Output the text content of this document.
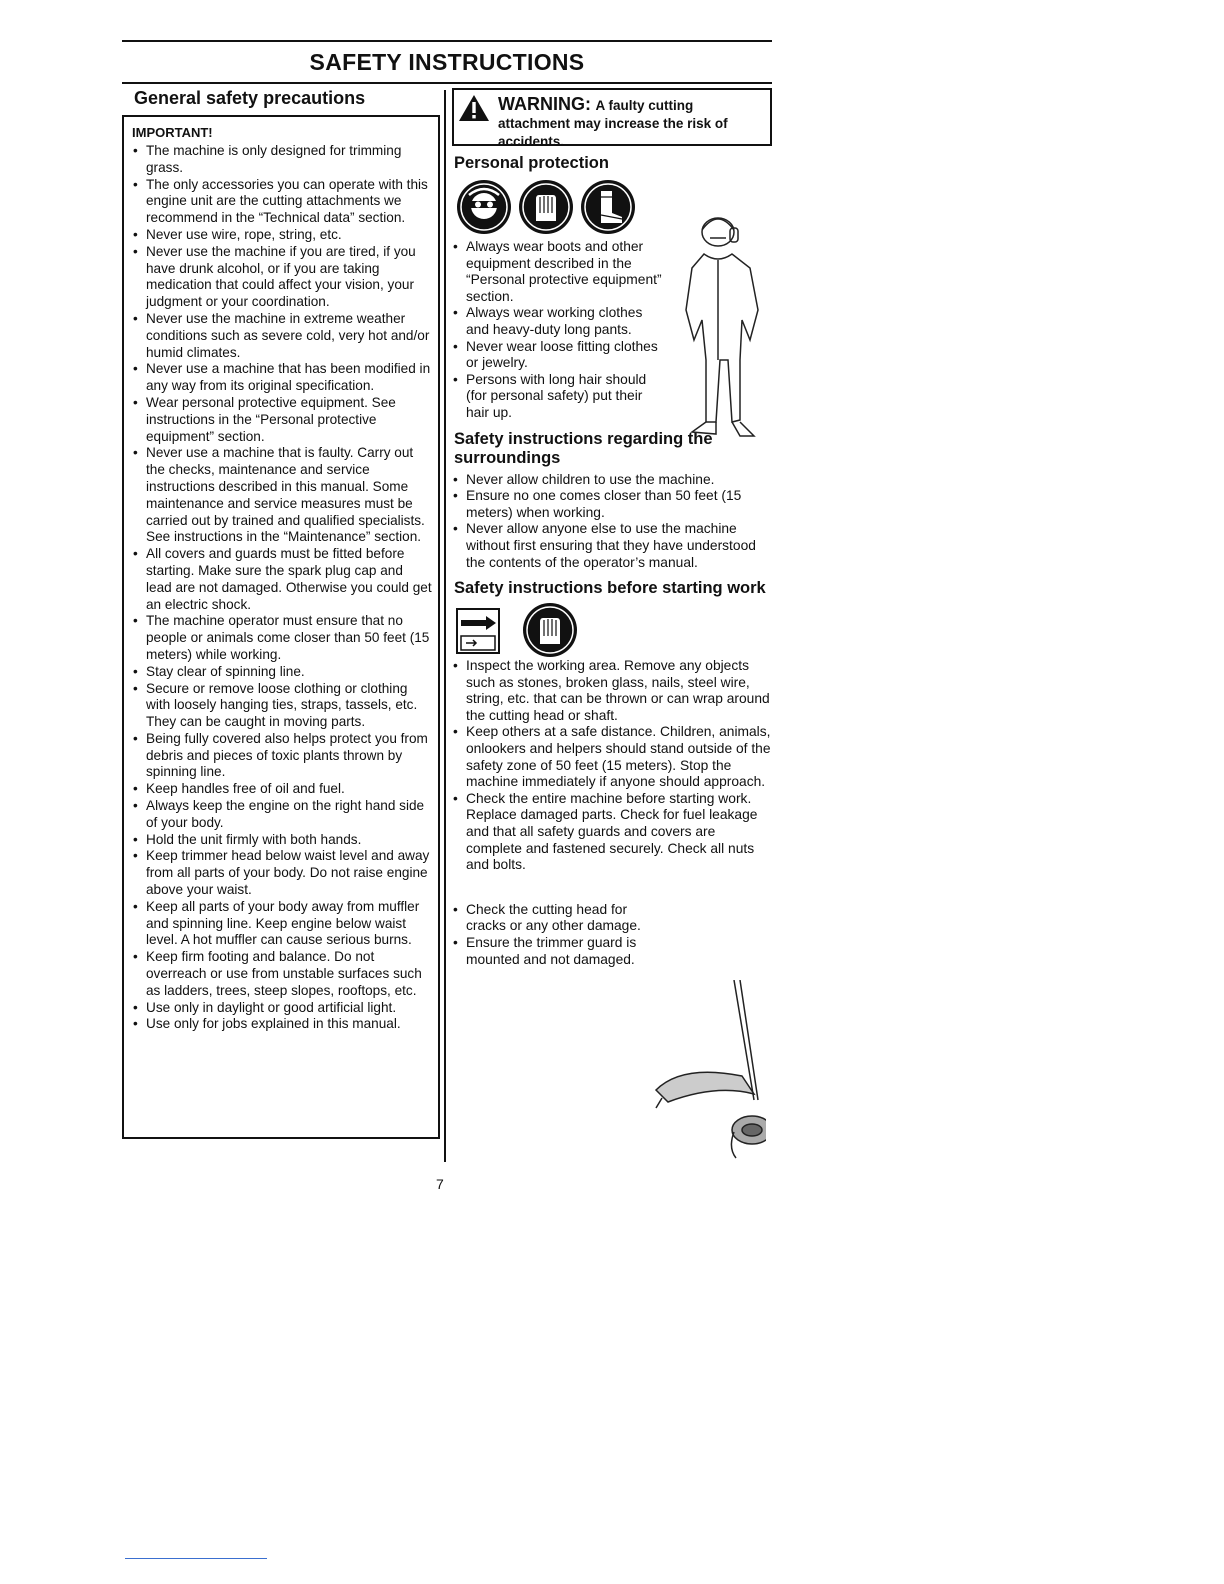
SAFETY INSTRUCTIONS
General safety precautions
IMPORTANT!
• The machine is only designed for trimming grass.
• The only accessories you can operate with this engine unit are the cutting attachments we recommend in the “Technical data” section.
• Never use wire, rope, string, etc.
• Never use the machine if you are tired, if you have drunk alcohol, or if you are taking medication that could affect your vision, your judgment or your coordination.
• Never use the machine in extreme weather conditions such as severe cold, very hot and/or humid climates.
• Never use a machine that has been modified in any way from its original specification.
• Wear personal protective equipment. See instructions in the “Personal protective equipment” section.
• Never use a machine that is faulty. Carry out the checks, maintenance and service instructions described in this manual. Some maintenance and service measures must be carried out by trained and qualified specialists. See instructions in the “Maintenance” section.
• All covers and guards must be fitted before starting. Make sure the spark plug cap and lead are not damaged. Otherwise you could get an electric shock.
• The machine operator must ensure that no people or animals come closer than 50 feet (15 meters) while working.
• Stay clear of spinning line.
• Secure or remove loose clothing or clothing with loosely hanging ties, straps, tassels, etc. They can be caught in moving parts.
• Being fully covered also helps protect you from debris and pieces of toxic plants thrown by spinning line.
• Keep handles free of oil and fuel.
• Always keep the engine on the right hand side of your body.
• Hold the unit firmly with both hands.
• Keep trimmer head below waist level and away from all parts of your body. Do not raise engine above your waist.
• Keep all parts of your body away from muffler and spinning line. Keep engine below waist level. A hot muffler can cause serious burns.
• Keep firm footing and balance. Do not overreach or use from unstable surfaces such as ladders, trees, steep slopes, rooftops, etc.
• Use only in daylight or good artificial light.
• Use only for jobs explained in this manual.
WARNING: A faulty cutting attachment may increase the risk of accidents.
Personal protection
• Always wear boots and other equipment described in the “Personal protective equipment” section.
• Always wear working clothes and heavy-duty long pants.
• Never wear loose fitting clothes or jewelry.
• Persons with long hair should (for personal safety) put their hair up.
Safety instructions regarding the surroundings
• Never allow children to use the machine.
• Ensure no one comes closer than 50 feet (15 meters) when working.
• Never allow anyone else to use the machine without first ensuring that they have understood the contents of the operator’s manual.
Safety instructions before starting work
• Inspect the working area. Remove any objects such as stones, broken glass, nails, steel wire, string, etc. that can be thrown or can wrap around the cutting head or shaft.
• Keep others at a safe distance. Children, animals, onlookers and helpers should stand outside of the safety zone of 50 feet (15 meters). Stop the machine immediately if anyone should approach.
• Check the entire machine before starting work. Replace damaged parts. Check for fuel leakage and that all safety guards and covers are complete and fastened securely. Check all nuts and bolts.
• Check the cutting head for cracks or any other damage.
• Ensure the trimmer guard is mounted and not damaged.
7
